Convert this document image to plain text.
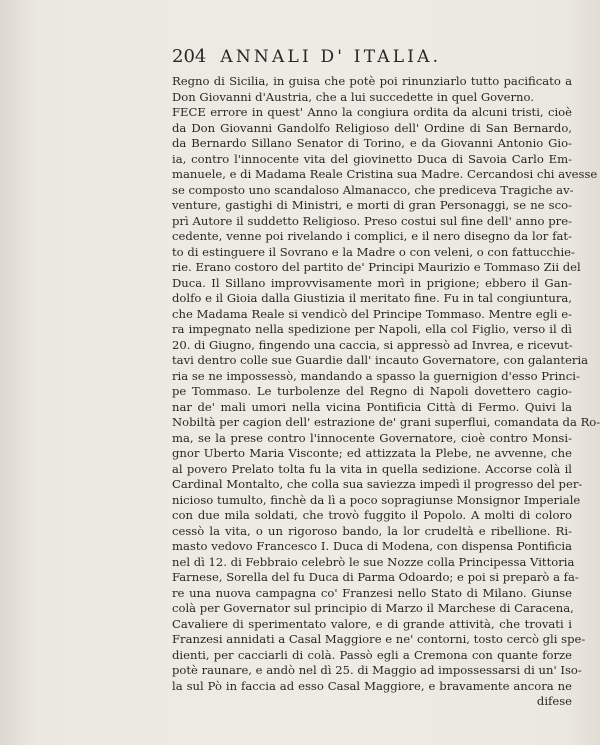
204 ANNALI D' ITALIA.
Regno di Sicilia, in guisa che potè poi rinunziarlo tutto pacificato a
Don Giovanni d'Austria, che a lui succedette in quel Governo.
FECE errore in quest' Anno la congiura ordita da alcuni tristi, cioè
da Don Giovanni Gandolfo Religioso dell' Ordine di San Bernardo,
da Bernardo Sillano Senator di Torino, e da Giovanni Antonio Gio-
ia, contro l'innocente vita del giovinetto Duca di Savoia Carlo Em-
manuele, e di Madama Reale Cristina sua Madre. Cercandosi chi avesse
se composto uno scandaloso Almanacco, che prediceva Tragiche av-
venture, gastighi di Ministri, e morti di gran Personaggi, se ne sco-
prì Autore il suddetto Religioso. Preso costui sul fine dell' anno pre-
cedente, venne poi rivelando i complici, e il nero disegno da lor fat-
to di estinguere il Sovrano e la Madre o con veleni, o con fattucchie-
rie. Erano costoro del partito de' Principi Maurizio e Tommaso Zii del
Duca. Il Sillano improvvisamente morì in prigione; ebbero il Gan-
dolfo e il Gioia dalla Giustizia il meritato fine. Fu in tal congiuntura,
che Madama Reale si vendicò del Principe Tommaso. Mentre egli e-
ra impegnato nella spedizione per Napoli, ella col Figlio, verso il dì
20. di Giugno, fingendo una caccia, si appressò ad Invrea, e ricevut-
tavi dentro colle sue Guardie dall' incauto Governatore, con galanteria
ria se ne impossessò, mandando a spasso la guernigion d'esso Princi-
pe Tommaso. Le turbolenze del Regno di Napoli dovettero cagio-
nar de' mali umori nella vicina Pontificia Città di Fermo. Quivi la
Nobiltà per cagion dell' estrazione de' grani superflui, comandata da Ro-
ma, se la prese contro l'innocente Governatore, cioè contro Monsi-
gnor Uberto Maria Visconte; ed attizzata la Plebe, ne avvenne, che
al povero Prelato tolta fu la vita in quella sedizione. Accorse colà il
Cardinal Montalto, che colla sua saviezza impedì il progresso del per-
nicioso tumulto, finchè da lì a poco sopragiunse Monsignor Imperiale
con due mila soldati, che trovò fuggito il Popolo. A molti di coloro
cessò la vita, o un rigoroso bando, la lor crudeltà e ribellione. Ri-
masto vedovo Francesco I. Duca di Modena, con dispensa Pontificia
nel dì 12. di Febbraio celebrò le sue Nozze colla Principessa Vittoria
Farnese, Sorella del fu Duca di Parma Odoardo; e poi si preparò a fa-
re una nuova campagna co' Franzesi nello Stato di Milano. Giunse
colà per Governator sul principio di Marzo il Marchese di Caracena,
Cavaliere di sperimentato valore, e di grande attività, che trovati i
Franzesi annidati a Casal Maggiore e ne' contorni, tosto cercò gli spe-
dienti, per cacciarli di colà. Passò egli a Cremona con quante forze
potè raunare, e andò nel dì 25. di Maggio ad impossessarsi di un' Iso-
la sul Pò in faccia ad esso Casal Maggiore, e bravamente ancora ne
difese
